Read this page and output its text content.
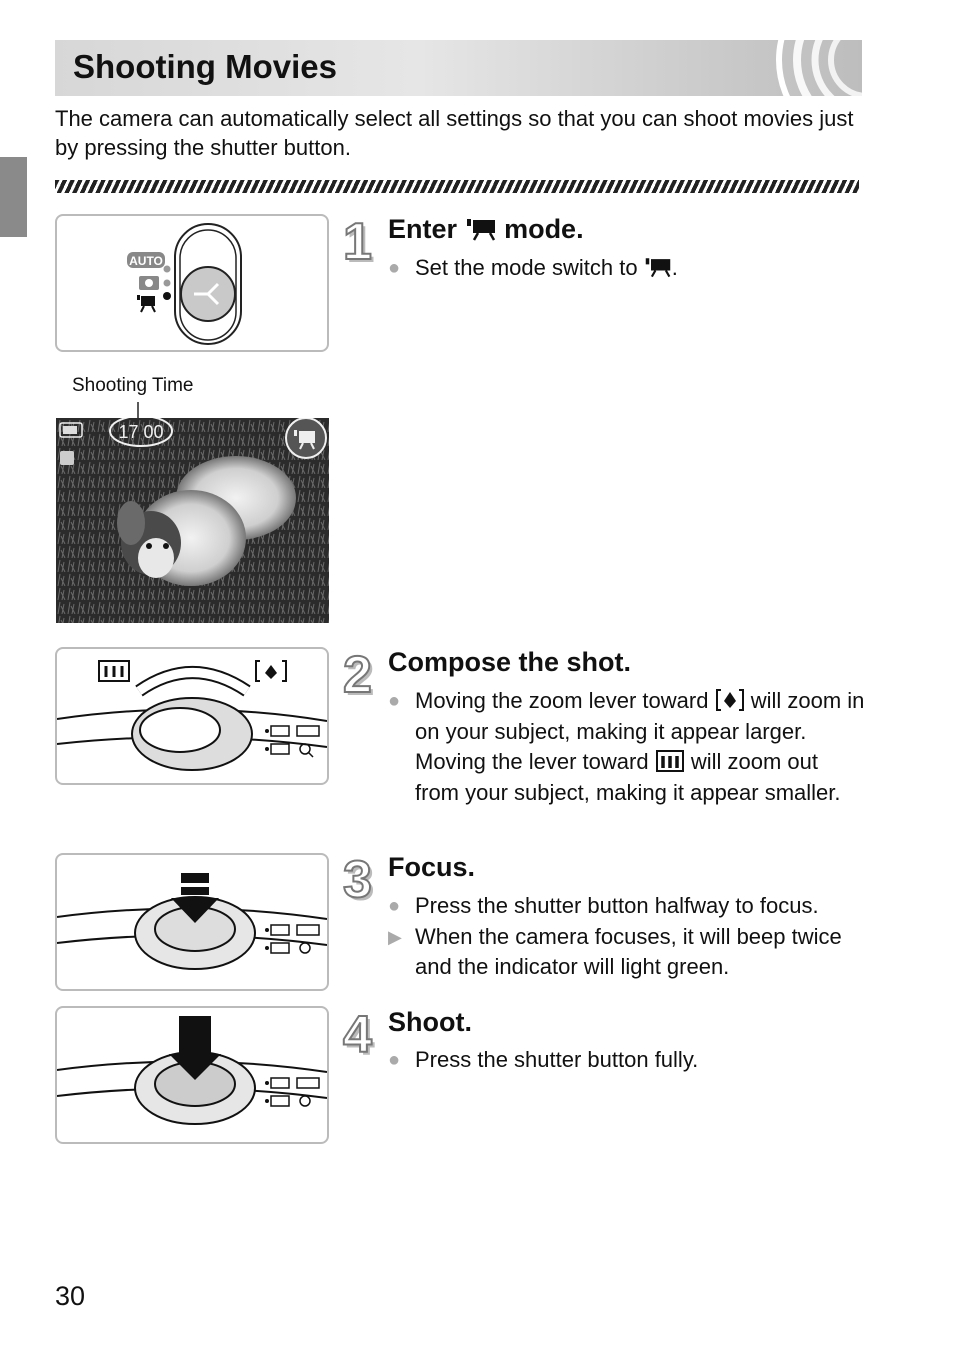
Shooting Movies

The camera can automatically select all settings so that you can shoot movies just by pressing the shutter button.

AUTO
Shooting Time
17 00
1 Enter mode.
● Set the mode switch to .
2 Compose the shot.
● Moving the zoom lever toward will zoom in on your subject, making it appear larger. Moving the lever toward will zoom out from your subject, making it appear smaller.
3 Focus.
● Press the shutter button halfway to focus.
▶ When the camera focuses, it will beep twice and the indicator will light green.
4 Shoot.
● Press the shutter button fully.
30
